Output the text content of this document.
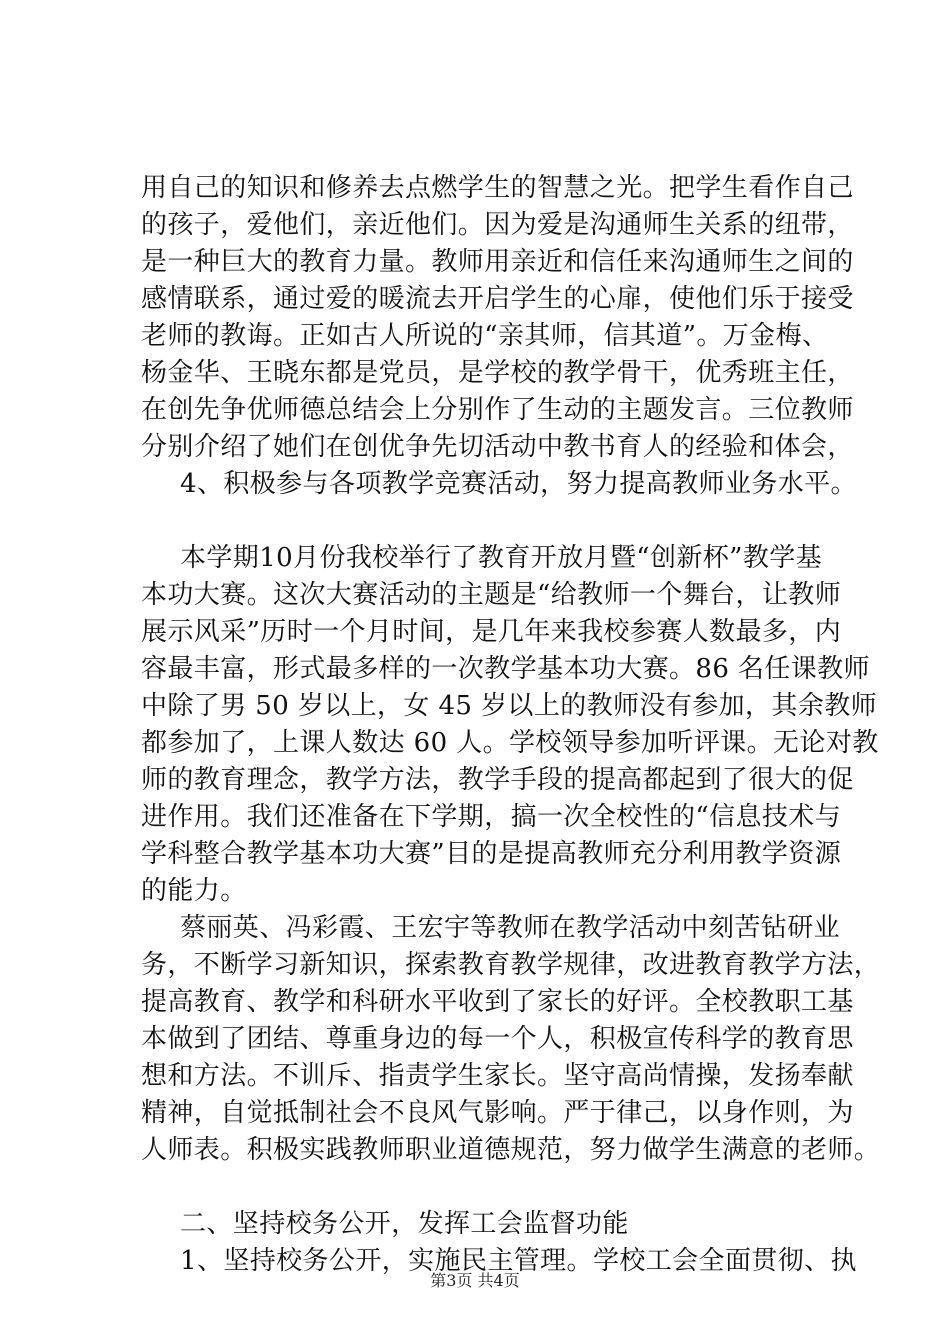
用自己的知识和修养去点燃学生的智慧之光。把学生看作自己
的孩子，爱他们，亲近他们。因为爱是沟通师生关系的纽带，
是一种巨大的教育力量。教师用亲近和信任来沟通师生之间的
感情联系，通过爱的暖流去开启学生的心扉，使他们乐于接受
老师的教诲。正如古人所说的“亲其师，信其道”。万金梅、
杨金华、王晓东都是党员，是学校的教学骨干，优秀班主任，
在创先争优师德总结会上分别作了生动的主题发言。三位教师
分别介绍了她们在创优争先切活动中教书育人的经验和体会，
4、积极参与各项教学竞赛活动，努力提高教师业务水平。
本学期10月份我校举行了教育开放月暨“创新杯”教学基
本功大赛。这次大赛活动的主题是“给教师一个舞台，让教师
展示风采”历时一个月时间，是几年来我校参赛人数最多，内
容最丰富，形式最多样的一次教学基本功大赛。86 名任课教师
中除了男 50 岁以上，女 45 岁以上的教师没有参加，其余教师
都参加了，上课人数达 60 人。学校领导参加听评课。无论对教
师的教育理念，教学方法，教学手段的提高都起到了很大的促
进作用。我们还准备在下学期，搞一次全校性的“信息技术与
学科整合教学基本功大赛”目的是提高教师充分利用教学资源
的能力。
蔡丽英、冯彩霞、王宏宇等教师在教学活动中刻苦钻研业
务，不断学习新知识，探索教育教学规律，改进教育教学方法，
提高教育、教学和科研水平收到了家长的好评。全校教职工基
本做到了团结、尊重身边的每一个人，积极宣传科学的教育思
想和方法。不训斥、指责学生家长。坚守高尚情操，发扬奉献
精神，自觉抵制社会不良风气影响。严于律己，以身作则，为
人师表。积极实践教师职业道德规范，努力做学生满意的老师。
二、坚持校务公开，发挥工会监督功能
1、坚持校务公开，实施民主管理。学校工会全面贯彻、执
第3页 共4页
